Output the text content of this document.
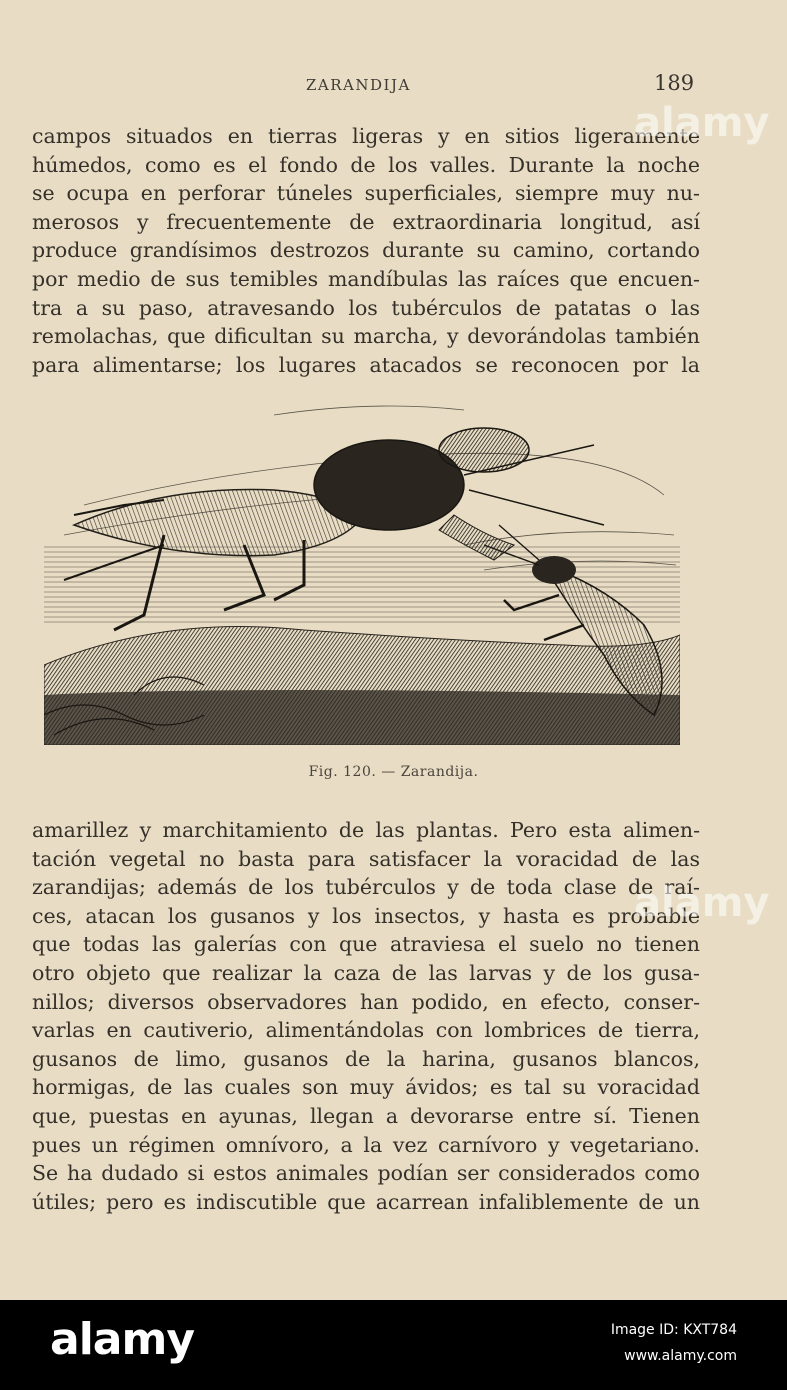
ZARANDIJA	189
campos situados en tierras ligeras y en sitios ligeramente
húmedos, como es el fondo de los valles. Durante la noche
se ocupa en perforar túneles superficiales, siempre muy nu-
merosos y frecuentemente de extraordinaria longitud, así
produce grandísimos destrozos durante su camino, cortando
por medio de sus temibles mandíbulas las raíces que encuen-
tra a su paso, atravesando los tubérculos de patatas o las
remolachas, que dificultan su marcha, y devorándolas también
para alimentarse; los lugares atacados se reconocen por la
Fig. 120. — Zarandija.
amarillez y marchitamiento de las plantas. Pero esta alimen-
tación vegetal no basta para satisfacer la voracidad de las
zarandijas; además de los tubérculos y de toda clase de raí-
ces, atacan los gusanos y los insectos, y hasta es probable
que todas las galerías con que atraviesa el suelo no tienen
otro objeto que realizar la caza de las larvas y de los gusa-
nillos; diversos observadores han podido, en efecto, conser-
varlas en cautiverio, alimentándolas con lombrices de tierra,
gusanos de limo, gusanos de la harina, gusanos blancos,
hormigas, de las cuales son muy ávidos; es tal su voracidad
que, puestas en ayunas, llegan a devorarse entre sí. Tienen
pues un régimen omnívoro, a la vez carnívoro y vegetariano.
Se ha dudado si estos animales podían ser considerados como
útiles; pero es indiscutible que acarrean infaliblemente de un
alamy
alamy
alamy	Image ID: KXT784
www.alamy.com
